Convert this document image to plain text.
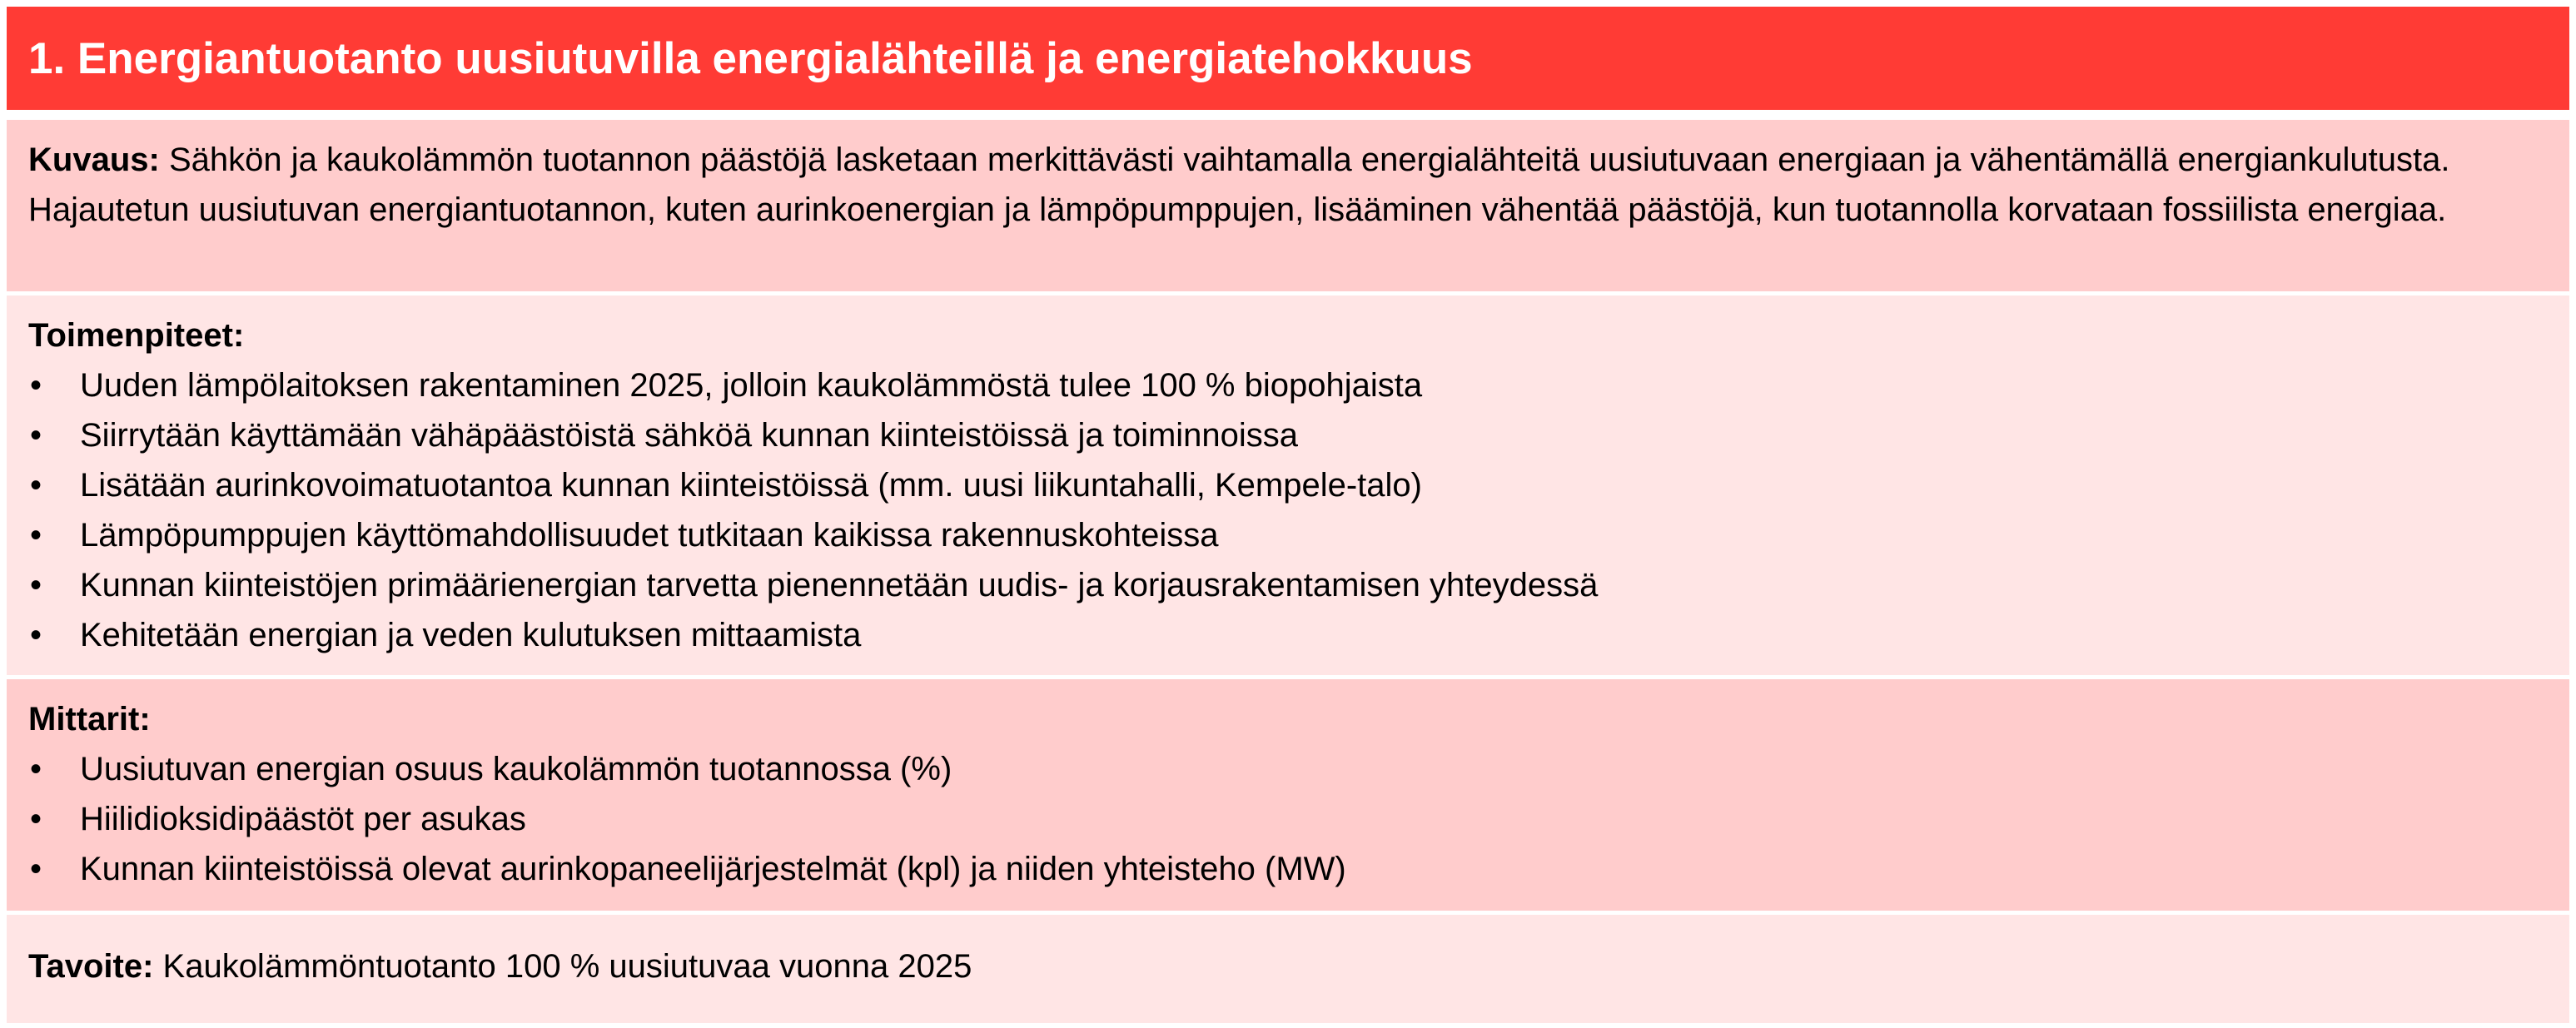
1. Energiantuotanto uusiutuvilla energialähteillä ja energiatehokkuus
Kuvaus: Sähkön ja kaukolämmön tuotannon päästöjä lasketaan merkittävästi vaihtamalla energialähteitä uusiutuvaan energiaan ja vähentämällä energiankulutusta. Hajautetun uusiutuvan energiantuotannon, kuten aurinkoenergian ja lämpöpumppujen, lisääminen vähentää päästöjä, kun tuotannolla korvataan fossiilista energiaa.
Toimenpiteet:
• Uuden lämpölaitoksen rakentaminen 2025, jolloin kaukolämmöstä tulee 100 % biopohjaista
• Siirrytään käyttämään vähäpäästöistä sähköä kunnan kiinteistöissä ja toiminnoissa
• Lisätään aurinkovoimatuotantoa kunnan kiinteistöissä (mm. uusi liikuntahalli, Kempele-talo)
• Lämpöpumppujen käyttömahdollisuudet tutkitaan kaikissa rakennuskohteissa
• Kunnan kiinteistöjen primäärienergian tarvetta pienennetään uudis- ja korjausrakentamisen yhteydessä
• Kehitetään energian ja veden kulutuksen mittaamista
Mittarit:
• Uusiutuvan energian osuus kaukolämmön tuotannossa (%)
• Hiilidioksidipäästöt per asukas
• Kunnan kiinteistöissä olevat aurinkopaneelijärjestelmät (kpl) ja niiden yhteisteho (MW)
Tavoite: Kaukolämmöntuotanto 100 % uusiutuvaa vuonna 2025
